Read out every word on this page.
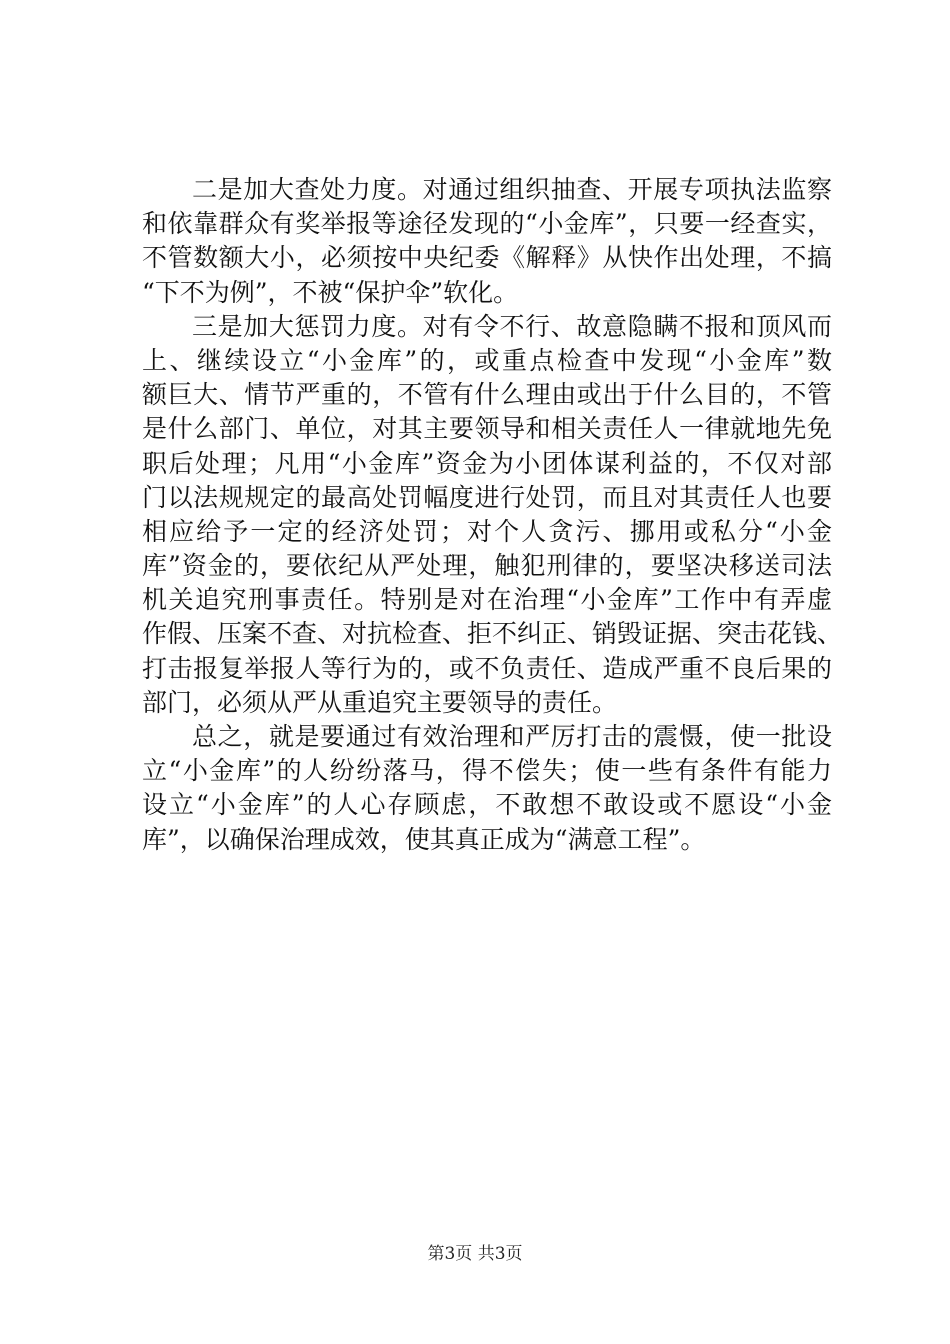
二是加大查处力度。对通过组织抽查、开展专项执法监察
和依靠群众有奖举报等途径发现的“小金库”，只要一经查实，
不管数额大小，必须按中央纪委《解释》从快作出处理，不搞
“下不为例”，不被“保护伞”软化。
三是加大惩罚力度。对有令不行、故意隐瞒不报和顶风而
上、继续设立“小金库”的，或重点检查中发现“小金库”数
额巨大、情节严重的，不管有什么理由或出于什么目的，不管
是什么部门、单位，对其主要领导和相关责任人一律就地先免
职后处理；凡用“小金库”资金为小团体谋利益的，不仅对部
门以法规规定的最高处罚幅度进行处罚，而且对其责任人也要
相应给予一定的经济处罚；对个人贪污、挪用或私分“小金
库”资金的，要依纪从严处理，触犯刑律的，要坚决移送司法
机关追究刑事责任。特别是对在治理“小金库”工作中有弄虚
作假、压案不查、对抗检查、拒不纠正、销毁证据、突击花钱、
打击报复举报人等行为的，或不负责任、造成严重不良后果的
部门，必须从严从重追究主要领导的责任。
总之，就是要通过有效治理和严厉打击的震慑，使一批设
立“小金库”的人纷纷落马，得不偿失；使一些有条件有能力
设立“小金库”的人心存顾虑，不敢想不敢设或不愿设“小金
库”，以确保治理成效，使其真正成为“满意工程”。
第3页 共3页
